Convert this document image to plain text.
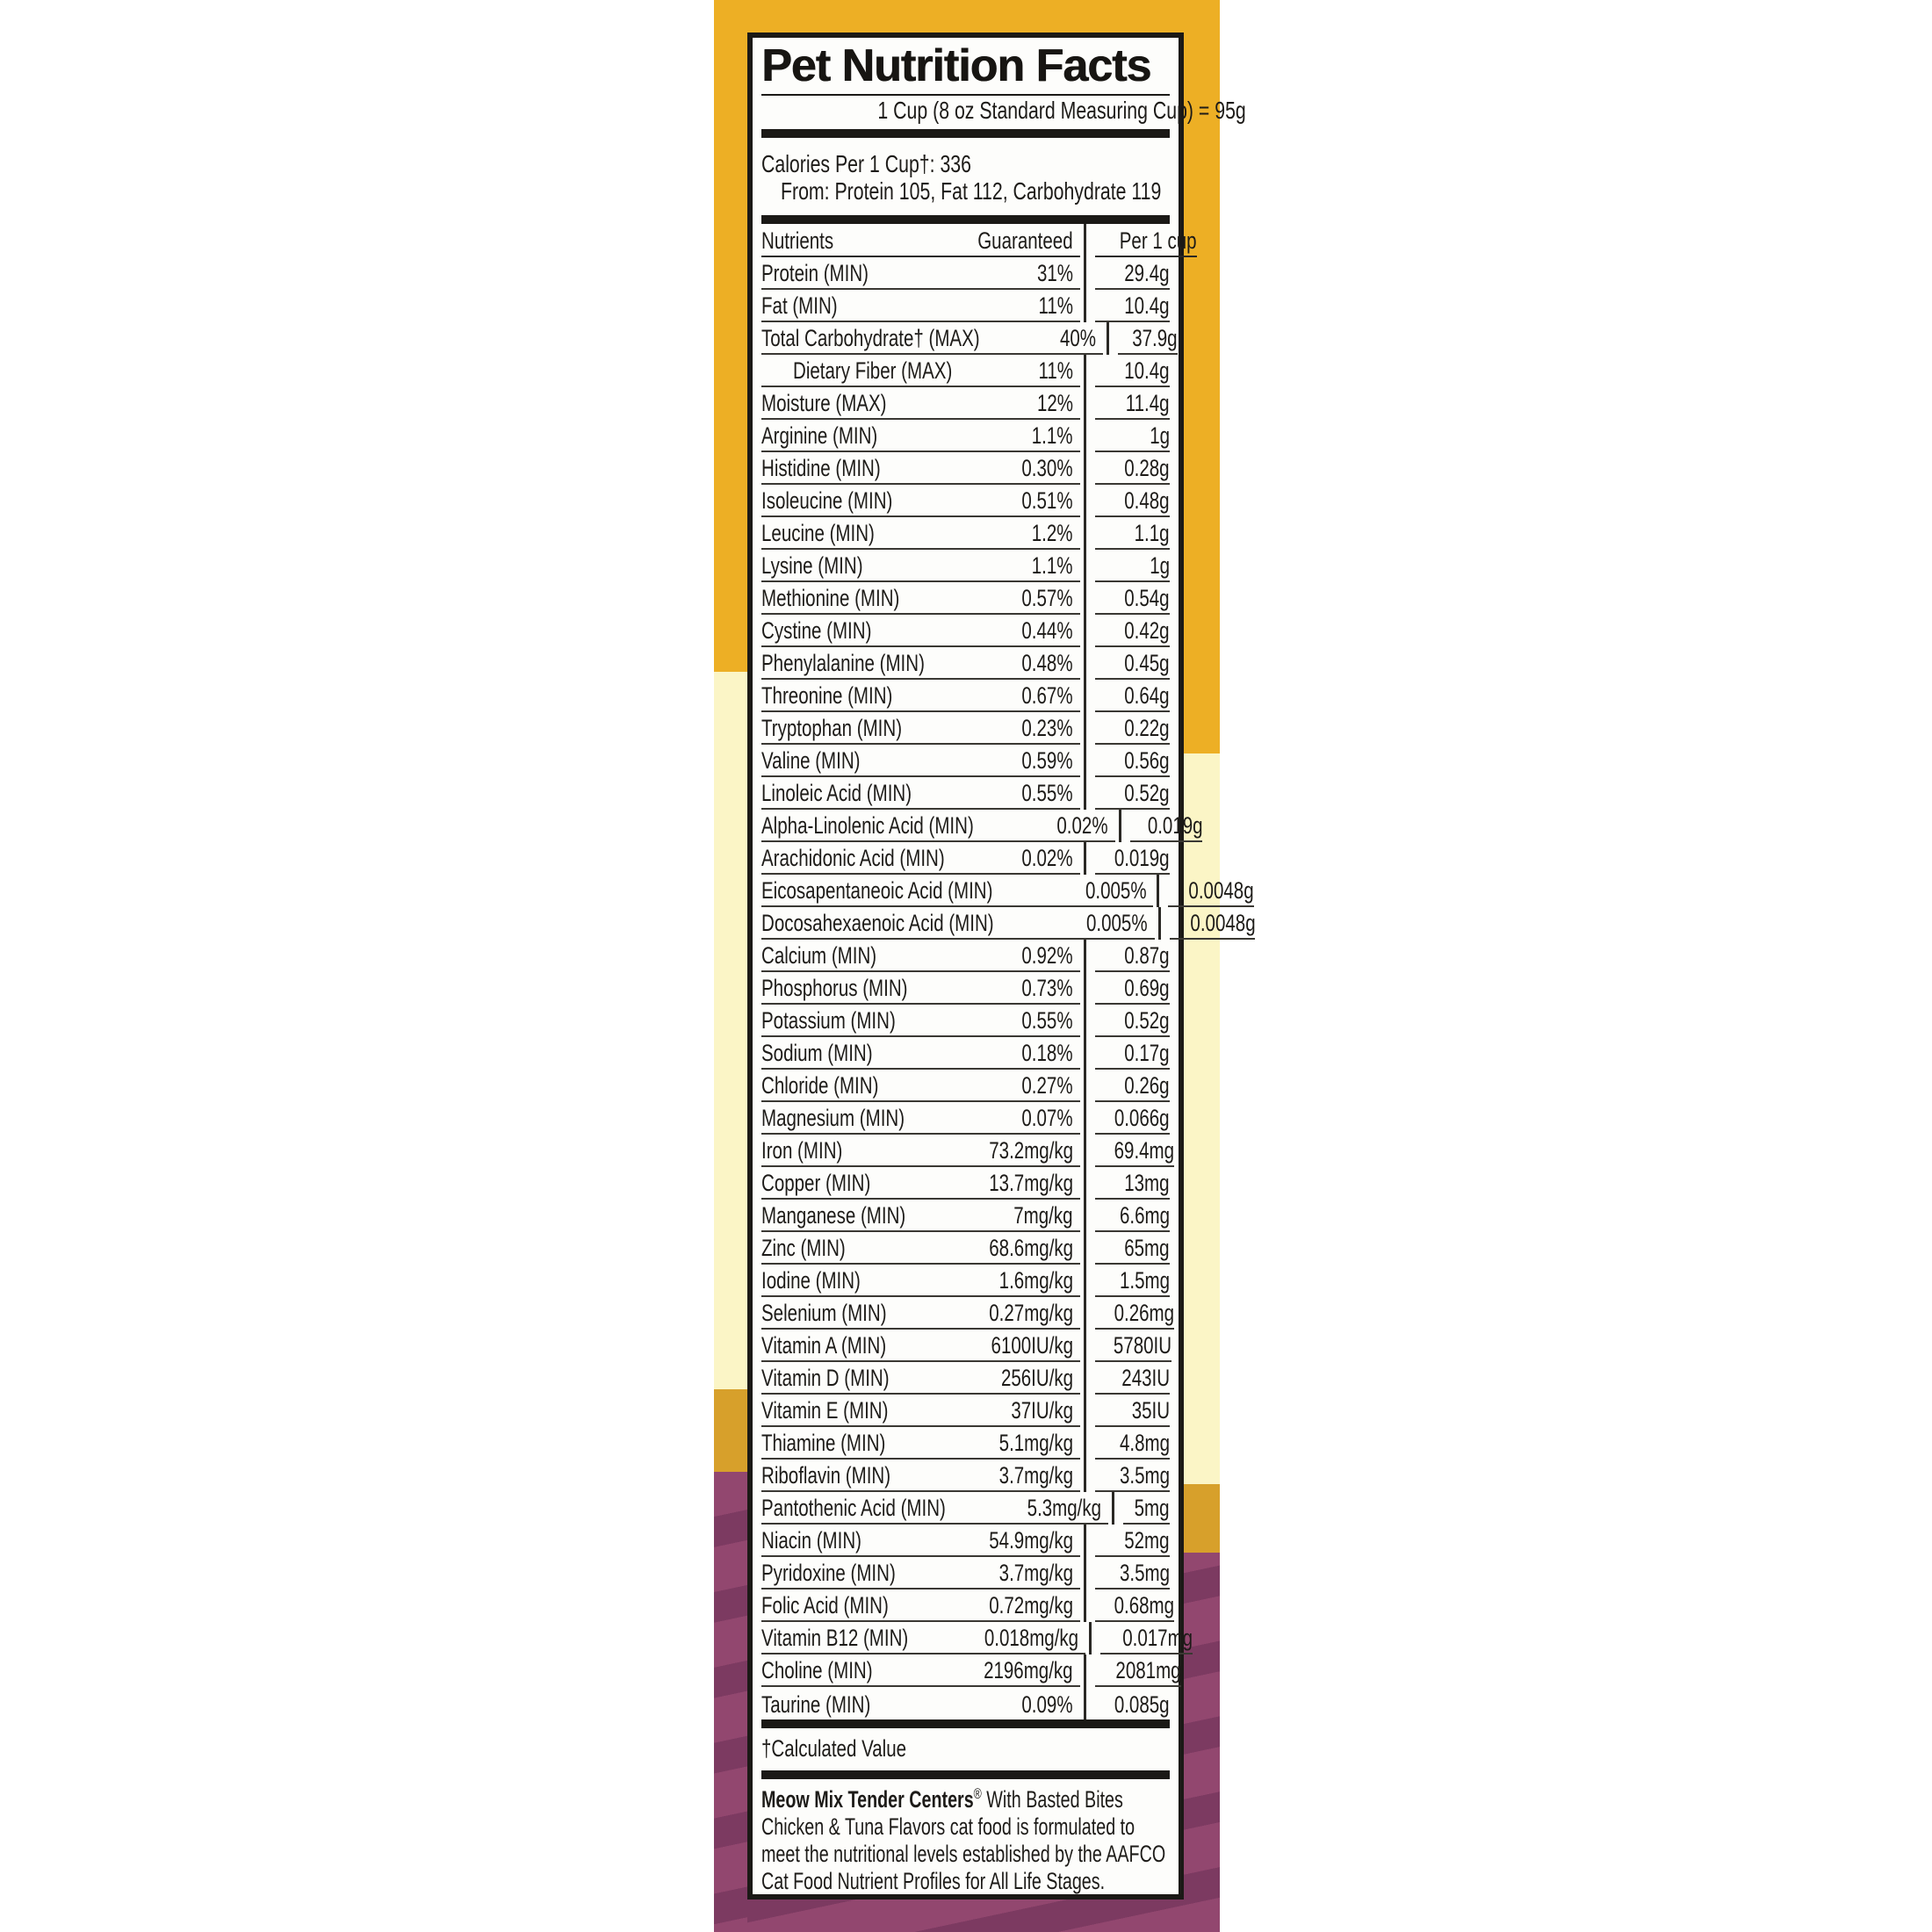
Pet Nutrition Facts
1 Cup (8 oz Standard Measuring Cup) = 95g
Calories Per 1 Cup†: 336
From: Protein 105, Fat 112, Carbohydrate 119
Nutrients	Guaranteed	Per 1 cup
Protein (MIN)	31%	29.4g
Fat (MIN)	11%	10.4g
Total Carbohydrate† (MAX)	40%	37.9g
Dietary Fiber (MAX)	11%	10.4g
Moisture (MAX)	12%	11.4g
Arginine (MIN)	1.1%	1g
Histidine (MIN)	0.30%	0.28g
Isoleucine (MIN)	0.51%	0.48g
Leucine (MIN)	1.2%	1.1g
Lysine (MIN)	1.1%	1g
Methionine (MIN)	0.57%	0.54g
Cystine (MIN)	0.44%	0.42g
Phenylalanine (MIN)	0.48%	0.45g
Threonine (MIN)	0.67%	0.64g
Tryptophan (MIN)	0.23%	0.22g
Valine (MIN)	0.59%	0.56g
Linoleic Acid (MIN)	0.55%	0.52g
Alpha-Linolenic Acid (MIN)	0.02%	0.019g
Arachidonic Acid (MIN)	0.02%	0.019g
Eicosapentaneoic Acid (MIN)	0.005%	0.0048g
Docosahexaenoic Acid (MIN)	0.005%	0.0048g
Calcium (MIN)	0.92%	0.87g
Phosphorus (MIN)	0.73%	0.69g
Potassium (MIN)	0.55%	0.52g
Sodium (MIN)	0.18%	0.17g
Chloride (MIN)	0.27%	0.26g
Magnesium (MIN)	0.07%	0.066g
Iron (MIN)	73.2mg/kg	69.4mg
Copper (MIN)	13.7mg/kg	13mg
Manganese (MIN)	7mg/kg	6.6mg
Zinc (MIN)	68.6mg/kg	65mg
Iodine (MIN)	1.6mg/kg	1.5mg
Selenium (MIN)	0.27mg/kg	0.26mg
Vitamin A (MIN)	6100IU/kg	5780IU
Vitamin D (MIN)	256IU/kg	243IU
Vitamin E (MIN)	37IU/kg	35IU
Thiamine (MIN)	5.1mg/kg	4.8mg
Riboflavin (MIN)	3.7mg/kg	3.5mg
Pantothenic Acid (MIN)	5.3mg/kg	5mg
Niacin (MIN)	54.9mg/kg	52mg
Pyridoxine (MIN)	3.7mg/kg	3.5mg
Folic Acid (MIN)	0.72mg/kg	0.68mg
Vitamin B12 (MIN)	0.018mg/kg	0.017mg
Choline (MIN)	2196mg/kg	2081mg
Taurine (MIN)	0.09%	0.085g
†Calculated Value

Meow Mix Tender Centers® With Basted Bites Chicken & Tuna Flavors cat food is formulated to meet the nutritional levels established by the AAFCO Cat Food Nutrient Profiles for All Life Stages.
